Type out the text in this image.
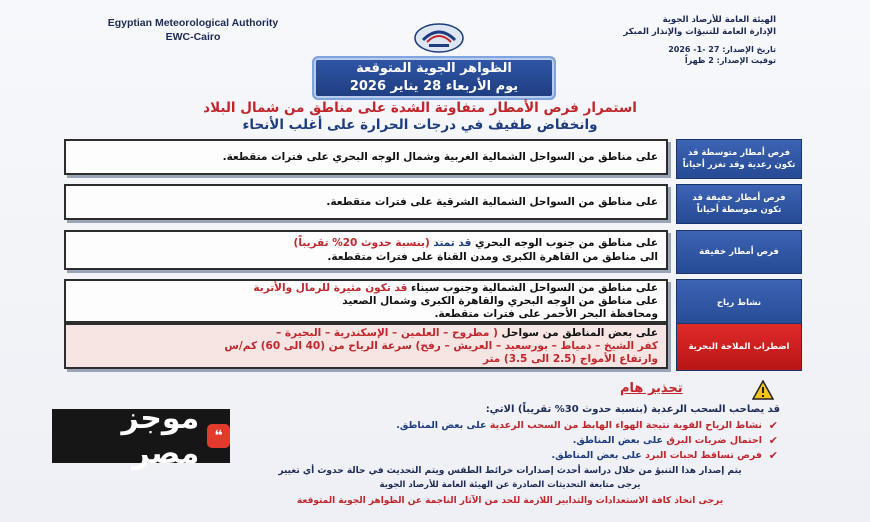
Egyptian Meteorological Authority
EWC-Cairo
الهيئة العامة للأرصاد الجوية
الإدارة العامة للتنبؤات والإنذار المبكر
تاريخ الإصدار: 27 -1- 2026
توقيت الإصدار: 2 ظهراً
الظواهر الجوية المتوقعة
يوم الأربعاء 28 يناير 2026
استمرار فرص الأمطار متفاوتة الشدة على مناطق من شمال البلاد
وانخفاض طفيف في درجات الحرارة على أغلب الأنحاء
فرص أمطار متوسطة قد تكون رعدية وقد تغزر أحياناً
على مناطق من السواحل الشمالية الغربية وشمال الوجه البحري على فترات متقطعة.
فرص أمطار خفيفة قد تكون متوسطة أحياناً
على مناطق من السواحل الشمالية الشرقية على فترات متقطعة.
فرص أمطار خفيفة
على مناطق من جنوب الوجه البحري قد تمتد (بنسبة حدوث 20% تقريباً)
الى مناطق من القاهرة الكبرى ومدن القناة على فترات متقطعة.
نشاط رياح
على مناطق من السواحل الشمالية وجنوب سيناء قد تكون مثيرة للرمال والأتربة
على مناطق من الوجه البحري والقاهرة الكبرى وشمال الصعيد
ومحافظة البحر الأحمر على فترات متقطعة.
اضطراب الملاحة البحرية
على بعض المناطق من سواحل ( مطروح – العلمين – الإسكندرية – البحيرة –
كفر الشيخ – دمياط – بورسعيد – العريش – رفح) سرعة الرياح من (40 الى 60) كم/س
وارتفاع الأمواج (2.5 الى 3.5) متر
تحذير هام
قد يصاحب السحب الرعدية (بنسبة حدوث 30% تقريباً) الاتي:
✔
نشاط الرياح القوية نتيجة الهواء الهابط من السحب الرعدية على بعض المناطق.
✔
احتمال ضربات البرق على بعض المناطق.
✔
فرص تساقط لحبات البرد على بعض المناطق.
يتم إصدار هذا التنبؤ من خلال دراسة أحدث إصدارات خرائط الطقس ويتم التحديث في حالة حدوث أي تغيير
يرجى متابعة التحديثات الصادرة عن الهيئة العامة للأرصاد الجوية
يرجى اتخاذ كافة الاستعدادات والتدابير اللازمة للحد من الآثار الناجمة عن الظواهر الجوية المتوقعة
موجز مصر	❝
